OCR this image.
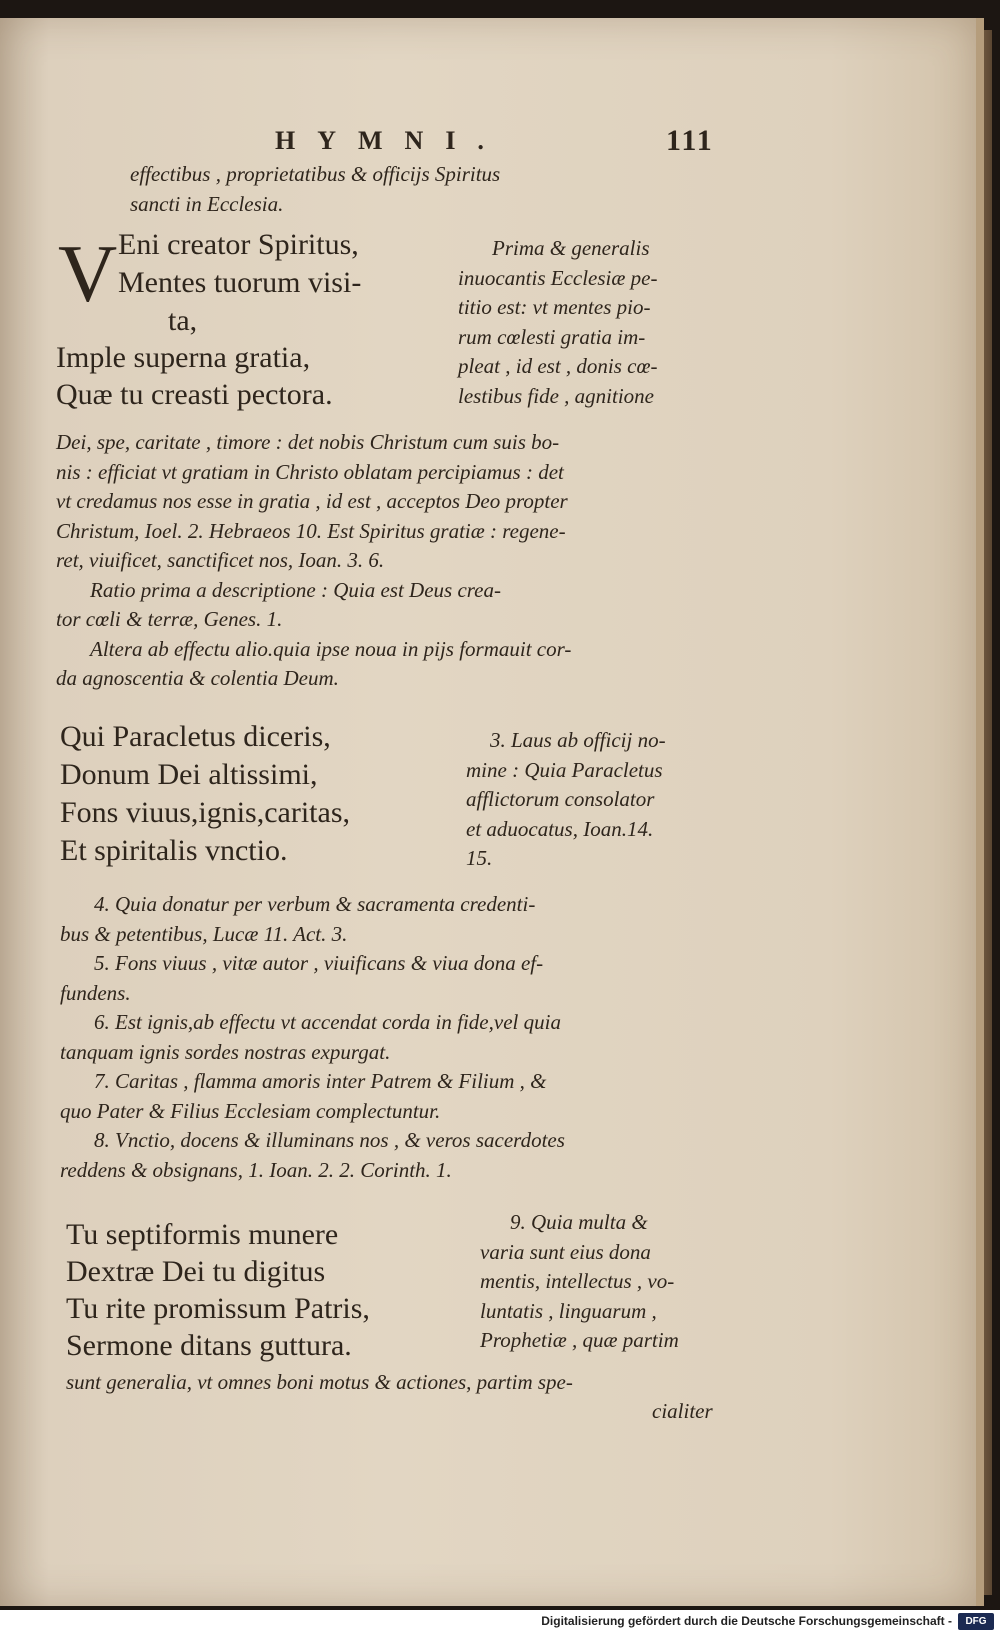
HYMNI.	111
effectibus , proprietatibus & officijs Spiritus
sancti in Ecclesia.
V Eni creator Spiritus,
Mentes tuorum visi-
ta,
Imple superna gratia,
Quæ tu creasti pectora.
Prima & generalis
inuocantis Ecclesiæ pe-
titio est: vt mentes pio-
rum cœlesti gratia im-
pleat , id est , donis cœ-
lestibus fide , agnitione
Dei, spe, caritate , timore : det nobis Christum cum suis bo-
nis : efficiat vt gratiam in Christo oblatam percipiamus : det
vt credamus nos esse in gratia , id est , acceptos Deo propter
Christum, Ioel. 2. Hebraeos 10. Est Spiritus gratiæ : regene-
ret, viuificet, sanctificet nos, Ioan. 3. 6.
Ratio prima a descriptione : Quia est Deus crea-
tor cœli & terræ, Genes. 1.
Altera ab effectu alio.quia ipse noua in pijs formauit cor-
da agnoscentia & colentia Deum.
Qui Paracletus diceris,
Donum Dei altissimi,
Fons viuus,ignis,caritas,
Et spiritalis vnctio.
3. Laus ab officij no-
mine : Quia Paracletus
afflictorum consolator
et aduocatus, Ioan.14.
15.
4. Quia donatur per verbum & sacramenta credenti-
bus & petentibus, Lucæ 11. Act. 3.
5. Fons viuus , vitæ autor , viuificans & viua dona ef-
fundens.
6. Est ignis,ab effectu vt accendat corda in fide,vel quia
tanquam ignis sordes nostras expurgat.
7. Caritas , flamma amoris inter Patrem & Filium , &
quo Pater & Filius Ecclesiam complectuntur.
8. Vnctio, docens & illuminans nos , & veros sacerdotes
reddens & obsignans, 1. Ioan. 2. 2. Corinth. 1.
Tu septiformis munere
Dextræ Dei tu digitus
Tu rite promissum Patris,
Sermone ditans guttura.
9. Quia multa &
varia sunt eius dona
mentis, intellectus , vo-
luntatis , linguarum ,
Prophetiæ , quæ partim
sunt generalia, vt omnes boni motus & actiones, partim spe-
cialiter
Digitalisierung gefördert durch die Deutsche Forschungsgemeinschaft -	DFG
